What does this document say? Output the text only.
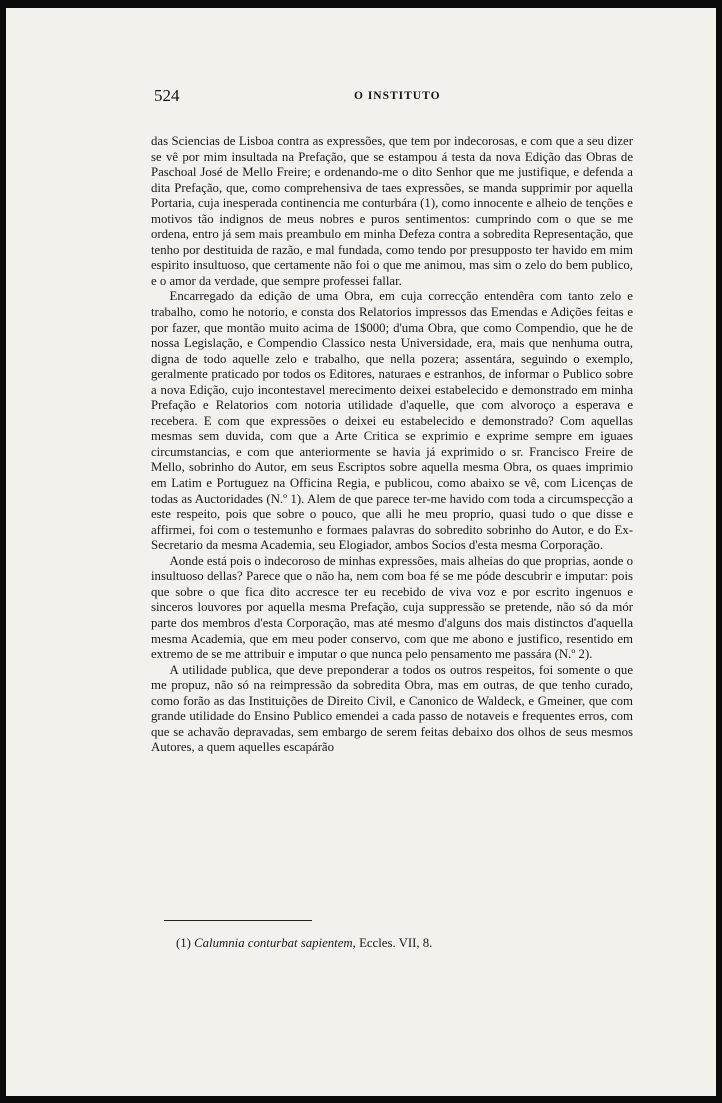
524	O INSTITUTO

das Sciencias de Lisboa contra as expressões, que tem por indecorosas, e com que a seu dizer se vê por mim insultada na Prefação, que se estampou á testa da nova Edição das Obras de Paschoal José de Mello Freire; e ordenando-me o dito Senhor que me justifique, e defenda a dita Prefação, que, como comprehensiva de taes expressões, se manda supprimir por aquella Portaria, cuja inesperada continencia me conturbára (1), como innocente e alheio de tenções e motivos tão indignos de meus nobres e puros sentimentos: cumprindo com o que se me ordena, entro já sem mais preambulo em minha Defeza contra a sobredita Representação, que tenho por destituida de razão, e mal fundada, como tendo por presupposto ter havido em mim espirito insultuoso, que certamente não foi o que me animou, mas sim o zelo do bem publico, e o amor da verdade, que sempre professei fallar.

Encarregado da edição de uma Obra, em cuja correcção entendêra com tanto zelo e trabalho, como he notorio, e consta dos Relatorios impressos das Emendas e Adições feitas e por fazer, que montão muito acima de 1$000; d'uma Obra, que como Compendio, que he de nossa Legislação, e Compendio Classico nesta Universidade, era, mais que nenhuma outra, digna de todo aquelle zelo e trabalho, que nella pozera; assentára, seguindo o exemplo, geralmente praticado por todos os Editores, naturaes e estranhos, de informar o Publico sobre a nova Edição, cujo incontestavel merecimento deixei estabelecido e demonstrado em minha Prefação e Relatorios com notoria utilidade d'aquelle, que com alvoroço a esperava e recebera. E com que expressões o deixei eu estabelecido e demonstrado? Com aquellas mesmas sem duvida, com que a Arte Critica se exprimio e exprime sempre em iguaes circumstancias, e com que anteriormente se havia já exprimido o sr. Francisco Freire de Mello, sobrinho do Autor, em seus Escriptos sobre aquella mesma Obra, os quaes imprimio em Latim e Portuguez na Officina Regia, e publicou, como abaixo se vê, com Licenças de todas as Auctoridades (N.º 1). Alem de que parece ter-me havido com toda a circumspecção a este respeito, pois que sobre o pouco, que alli he meu proprio, quasi tudo o que disse e affirmei, foi com o testemunho e formaes palavras do sobredito sobrinho do Autor, e do Ex-Secretario da mesma Academia, seu Elogiador, ambos Socios d'esta mesma Corporação.

Aonde está pois o indecoroso de minhas expressões, mais alheias do que proprias, aonde o insultuoso dellas? Parece que o não ha, nem com boa fé se me póde descubrir e imputar: pois que sobre o que fica dito accresce ter eu recebido de viva voz e por escrito ingenuos e sinceros louvores por aquella mesma Prefação, cuja suppressão se pretende, não só da mór parte dos membros d'esta Corporação, mas até mesmo d'alguns dos mais distinctos d'aquella mesma Academia, que em meu poder conservo, com que me abono e justifico, resentido em extremo de se me attribuir e imputar o que nunca pelo pensamento me passára (N.º 2).

A utilidade publica, que deve preponderar a todos os outros respeitos, foi somente o que me propuz, não só na reimpressão da sobredita Obra, mas em outras, de que tenho curado, como forão as das Instituições de Direito Civil, e Canonico de Waldeck, e Gmeiner, que com grande utilidade do Ensino Publico emendei a cada passo de notaveis e frequentes erros, com que se achavão depravadas, sem embargo de serem feitas debaixo dos olhos de seus mesmos Autores, a quem aquelles escapárão

(1) Calumnia conturbat sapientem, Eccles. VII, 8.
